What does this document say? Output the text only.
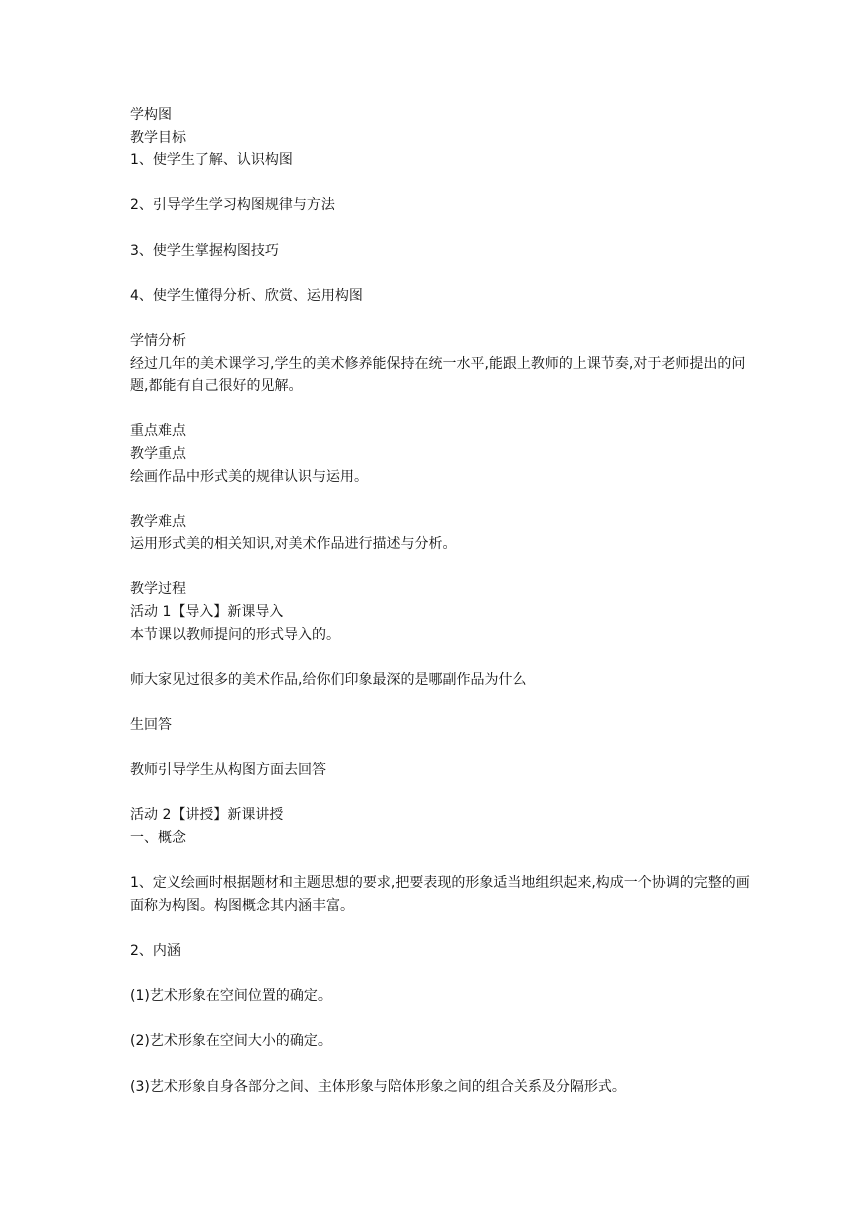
学构图
教学目标
1、使学生了解、认识构图
2、引导学生学习构图规律与方法
3、使学生掌握构图技巧
4、使学生懂得分析、欣赏、运用构图
学情分析
经过几年的美术课学习,学生的美术修养能保持在统一水平,能跟上教师的上课节奏,对于老师提出的问题,都能有自己很好的见解。
重点难点
教学重点
绘画作品中形式美的规律认识与运用。
教学难点
运用形式美的相关知识,对美术作品进行描述与分析。
教学过程
活动 1【导入】新课导入
本节课以教师提问的形式导入的。
师大家见过很多的美术作品,给你们印象最深的是哪副作品为什么
生回答
教师引导学生从构图方面去回答
活动 2【讲授】新课讲授
一、概念
1、定义绘画时根据题材和主题思想的要求,把要表现的形象适当地组织起来,构成一个协调的完整的画面称为构图。构图概念其内涵丰富。
2、内涵
(1)艺术形象在空间位置的确定。
(2)艺术形象在空间大小的确定。
(3)艺术形象自身各部分之间、主体形象与陪体形象之间的组合关系及分隔形式。
